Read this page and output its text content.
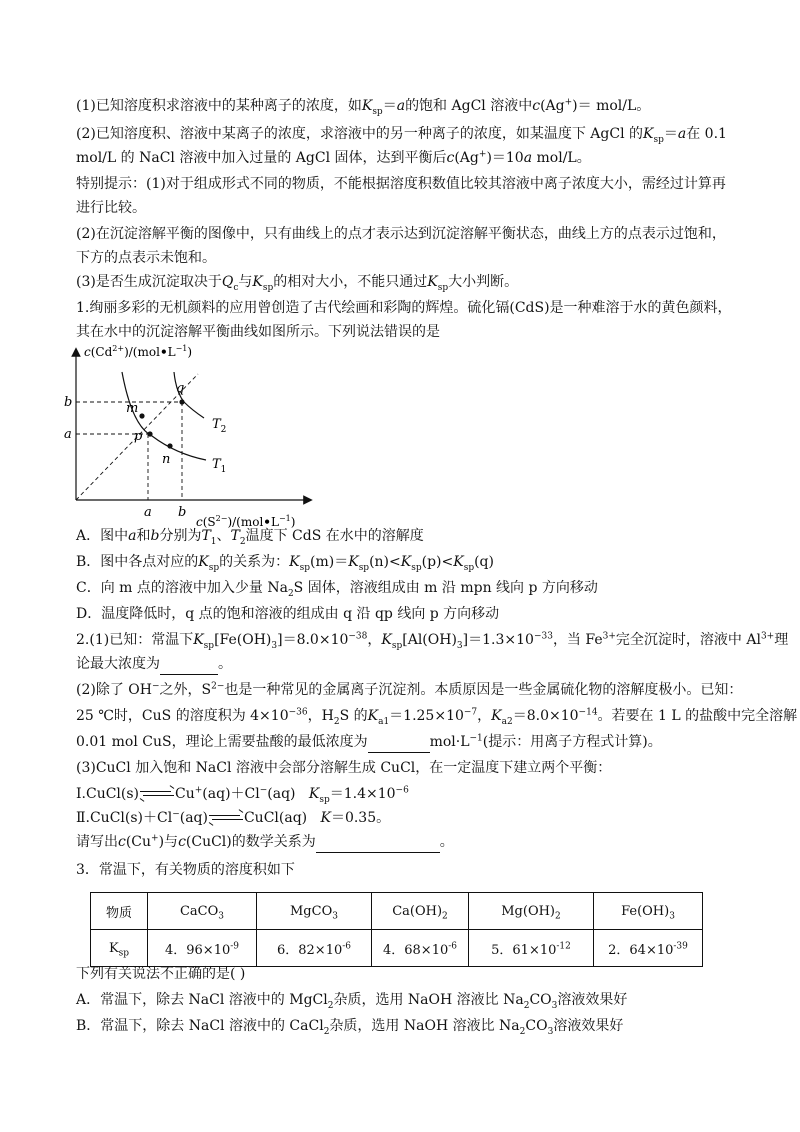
(1)已知溶度积求溶液中的某种离子的浓度，如$K_{sp}=a$的饱和 AgCl 溶液中c(Ag+)＝ mol/L。
(2)已知溶度积、溶液中某离子的浓度，求溶液中的另一种离子的浓度，如某温度下 AgCl 的$K_{sp}=a$在 0.1
mol/L 的 NaCl 溶液中加入过量的 AgCl 固体，达到平衡后c(Ag+)＝10a mol/L。
特别提示：(1)对于组成形式不同的物质，不能根据溶度积数值比较其溶液中离子浓度大小，需经过计算再
进行比较。
(2)在沉淀溶解平衡的图像中，只有曲线上的点才表示达到沉淀溶解平衡状态，曲线上方的点表示过饱和，
下方的点表示未饱和。
(3)是否生成沉淀取决于$Q_c$与$K_{sp}$的相对大小，不能只通过$K_{sp}$大小判断。
1.绚丽多彩的无机颜料的应用曾创造了古代绘画和彩陶的辉煌。硫化镉(CdS)是一种难溶于水的黄色颜料，
其在水中的沉淀溶解平衡曲线如图所示。下列说法错误的是
m
p
n
q
$T_2$
$T_1$
b
a
a b
$c(Cd^{2+})/(mol•L^{-1})$
$c(S^{2-})/(mol•L^{-1})$
A．图中a和b分别为$T_1$、$T_2$温度下 CdS 在水中的溶解度
B．图中各点对应的$K_{sp}$的关系为：$K_{sp}(m)=K_{sp}(n)<K_{sp}(p)<K_{sp}(q)$
C．向 m 点的溶液中加入少量 $Na_2S$ 固体，溶液组成由 m 沿 mpn 线向 p 方向移动
D．温度降低时，q 点的饱和溶液的组成由 q 沿 qp 线向 p 方向移动
2.(1)已知：常温下$K_{sp}[Fe(OH)_3]=8.0\times 10^{-38}$，$K_{sp}[Al(OH)_3]=1.3\times 10^{-33}$，当 $Fe^{3+}$完全沉淀时，溶液中 $Al^{3+}$理
论最大浓度为	。
(2)除了 OH−之外，$S^{2-}$也是一种常见的金属离子沉淀剂。本质原因是一些金属硫化物的溶解度极小。已知：
25 ℃时，CuS 的溶度积为 $4\times 10^{-36}$，$H_2S$ 的$K_{a1}=1.25\times 10^{-7}$，$K_{a2}=8.0\times 10^{-14}$。若要在 1 L 的盐酸中完全溶解
0.01 mol CuS，理论上需要盐酸的最低浓度为	$mol\cdot L^{-1}$(提示：用离子方程式计算)。
(3)CuCl 加入饱和 NaCl 溶液中会部分溶解生成 CuCl，在一定温度下建立两个平衡：
Ⅰ.CuCl(s)	Cu+(aq)＋Cl−(aq) $K_{sp}=1.4\times 10^{-6}$
Ⅱ.CuCl(s)＋Cl−(aq)	CuCl(aq) K＝0.35。
请写出c(Cu+)与c(CuCl)的数学关系为	。
3．常温下，有关物质的溶度积如下
物质	CaCO$_3$	MgCO$_3$	$Ca(OH)_2$	$Mg(OH)_2$	$Fe(OH)_3$
$K_{sp}$	4．$96\times 10^{-9}$	6．$82\times 10^{-6}$	4．$68\times 10^{-6}$	5．$61\times 10^{-12}$	2．$64\times 10^{-39}$
下列有关说法不正确的是( )
A．常温下，除去 NaCl 溶液中的 MgCl$_2$杂质，选用 NaOH 溶液比 $Na_2CO_3$溶液效果好
B．常温下，除去 NaCl 溶液中的 CaCl$_2$杂质，选用 NaOH 溶液比 $Na_2CO_3$溶液效果好
